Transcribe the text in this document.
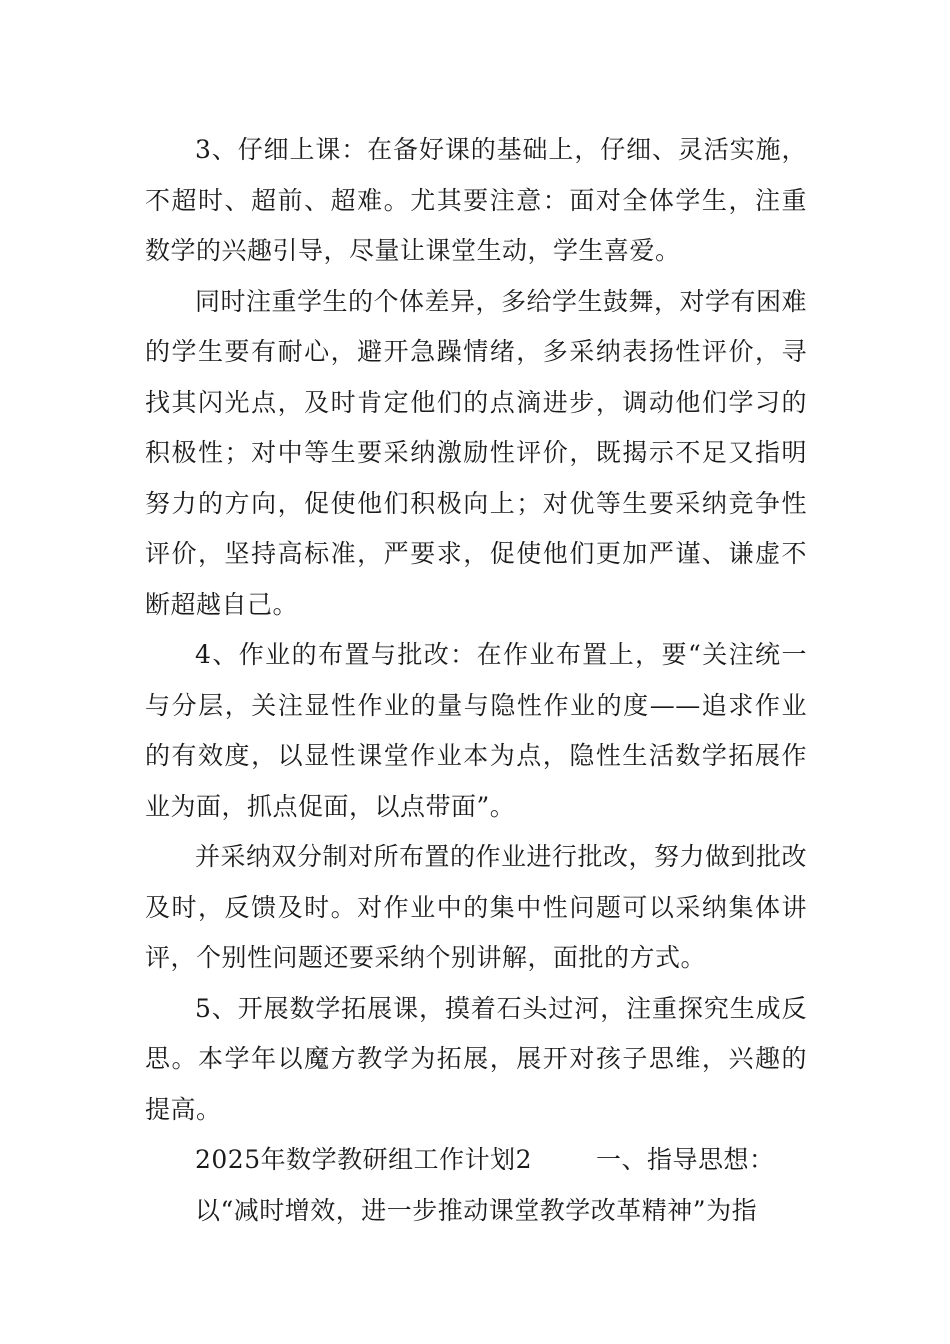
3、仔细上课：在备好课的基础上，仔细、灵活实施，不超时、超前、超难。尤其要注意：面对全体学生，注重数学的兴趣引导，尽量让课堂生动，学生喜爱。

同时注重学生的个体差异，多给学生鼓舞，对学有困难的学生要有耐心，避开急躁情绪，多采纳表扬性评价，寻找其闪光点，及时肯定他们的点滴进步，调动他们学习的积极性；对中等生要采纳激励性评价，既揭示不足又指明努力的方向，促使他们积极向上；对优等生要采纳竞争性评价，坚持高标准，严要求，促使他们更加严谨、谦虚不断超越自己。

4、作业的布置与批改：在作业布置上，要“关注统一与分层，关注显性作业的量与隐性作业的度——追求作业的有效度，以显性课堂作业本为点，隐性生活数学拓展作业为面，抓点促面，以点带面”。

并采纳双分制对所布置的作业进行批改，努力做到批改及时，反馈及时。对作业中的集中性问题可以采纳集体讲评，个别性问题还要采纳个别讲解，面批的方式。

5、开展数学拓展课，摸着石头过河，注重探究生成反思。本学年以魔方教学为拓展，展开对孩子思维，兴趣的提高。

2025年数学教研组工作计划2	一、指导思想：

以“减时增效，进一步推动课堂教学改革精神”为指
